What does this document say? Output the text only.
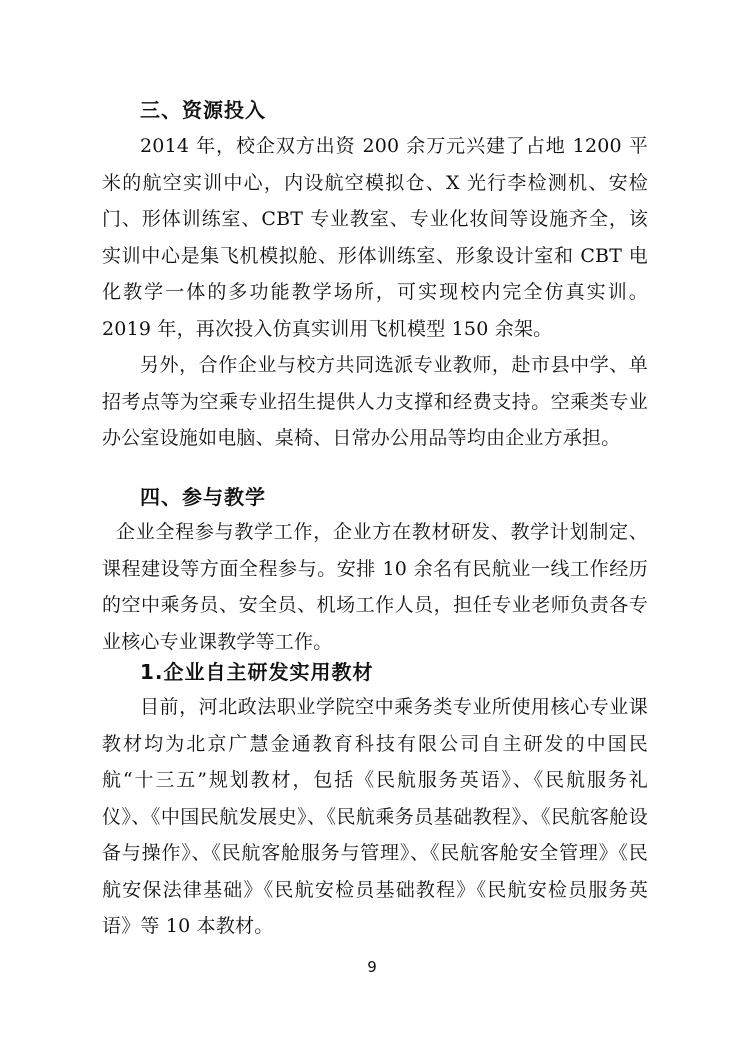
三、资源投入

2014 年，校企双方出资 200 余万元兴建了占地 1200 平米的航空实训中心，内设航空模拟仓、X 光行李检测机、安检门、形体训练室、CBT 专业教室、专业化妆间等设施齐全，该实训中心是集飞机模拟舱、形体训练室、形象设计室和 CBT 电化教学一体的多功能教学场所，可实现校内完全仿真实训。2019 年，再次投入仿真实训用飞机模型 150 余架。

另外，合作企业与校方共同选派专业教师，赴市县中学、单招考点等为空乘专业招生提供人力支撑和经费支持。空乘类专业办公室设施如电脑、桌椅、日常办公用品等均由企业方承担。

四、参与教学

企业全程参与教学工作，企业方在教材研发、教学计划制定、课程建设等方面全程参与。安排 10 余名有民航业一线工作经历的空中乘务员、安全员、机场工作人员，担任专业老师负责各专业核心专业课教学等工作。

1.企业自主研发实用教材

目前，河北政法职业学院空中乘务类专业所使用核心专业课教材均为北京广慧金通教育科技有限公司自主研发的中国民航“十三五”规划教材，包括《民航服务英语》、《民航服务礼仪》、《中国民航发展史》、《民航乘务员基础教程》、《民航客舱设备与操作》、《民航客舱服务与管理》、《民航客舱安全管理》《民航安保法律基础》《民航安检员基础教程》《民航安检员服务英语》等 10 本教材。

9
